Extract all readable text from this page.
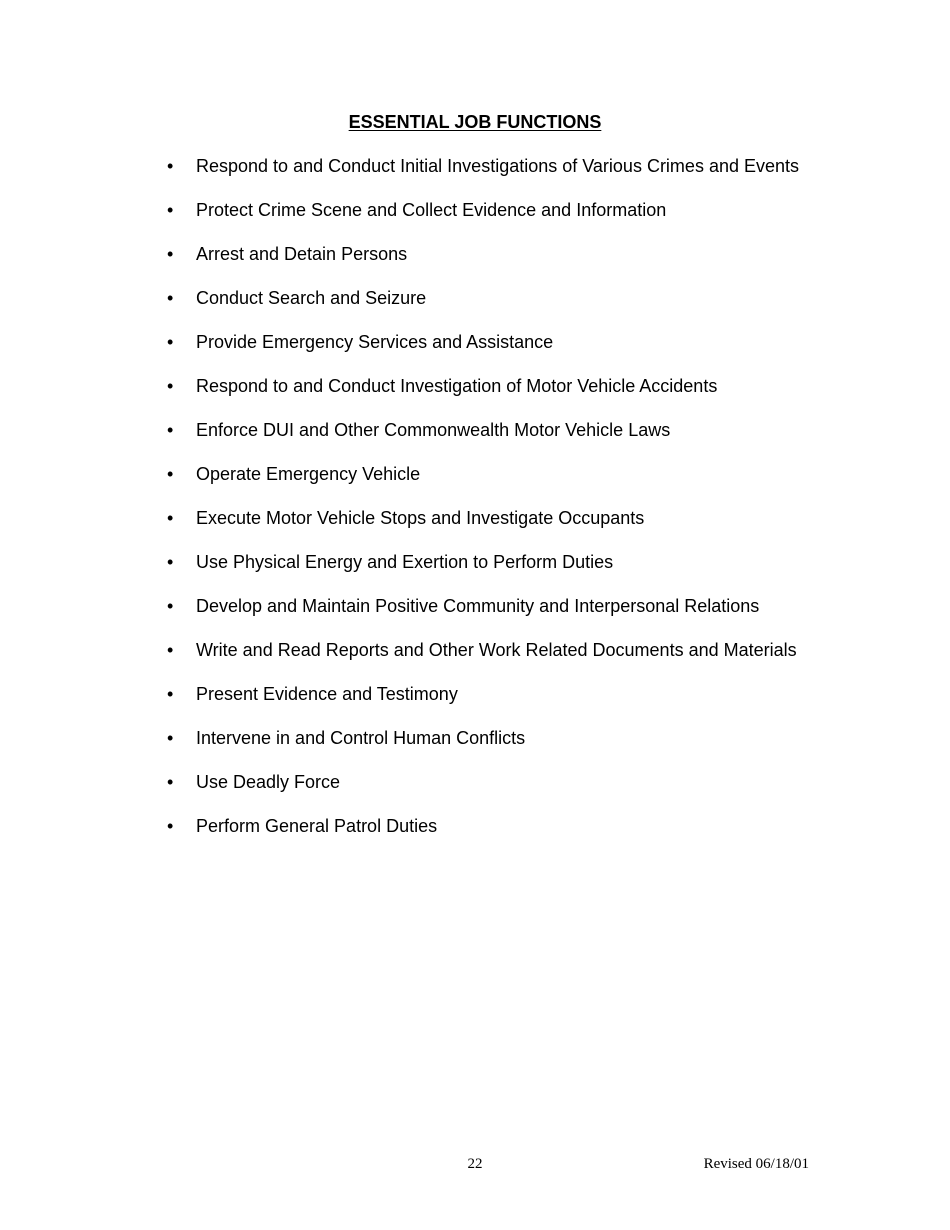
ESSENTIAL JOB FUNCTIONS
•	Respond to and Conduct Initial Investigations of Various Crimes and Events
•	Protect Crime Scene and Collect Evidence and Information
•	Arrest and Detain Persons
•	Conduct Search and Seizure
•	Provide Emergency Services and Assistance
•	Respond to and Conduct Investigation of Motor Vehicle Accidents
•	Enforce DUI and Other Commonwealth Motor Vehicle Laws
•	Operate Emergency Vehicle
•	Execute Motor Vehicle Stops and Investigate Occupants
•	Use Physical Energy and Exertion to Perform Duties
•	Develop and Maintain Positive Community and Interpersonal Relations
•	Write and Read Reports and Other Work Related Documents and Materials
•	Present Evidence and Testimony
•	Intervene in and Control Human Conflicts
•	Use Deadly Force
•	Perform General Patrol Duties
22	Revised 06/18/01
